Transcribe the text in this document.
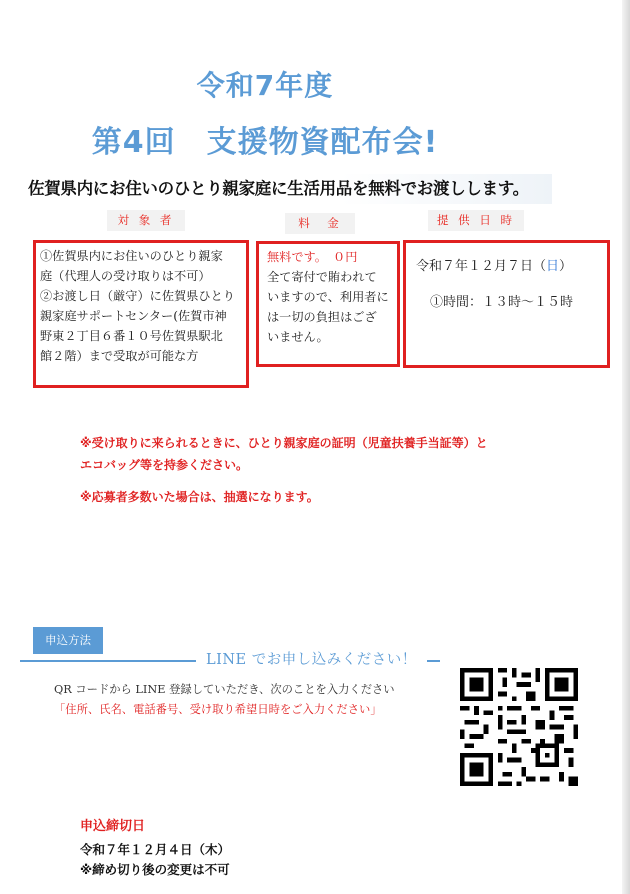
令和7年度
第4回　支援物資配布会!
佐賀県内にお住いのひとり親家庭に生活用品を無料でお渡しします。
対 象 者	料　金	提 供 日 時
①佐賀県内にお住いのひとり親家
庭（代理人の受け取りは不可）
②お渡し日（厳守）に佐賀県ひとり
親家庭サポートセンター(佐賀市神
野東２丁目６番１０号佐賀県駅北
館２階）まで受取が可能な方
無料です。　０円
全て寄付で賄われて
いますので、利用者に
は一切の負担はござ
いません。
令和７年１２月７日（日）
①時間：１３時～１５時
※受け取りに来られるときに、ひとり親家庭の証明（児童扶養手当証等）と
エコバッグ等を持参ください。
※応募者多数いた場合は、抽選になります。
申込方法
LINE でお申し込みください！
QR コードから LINE 登録していただき、次のことを入力ください
「住所、氏名、電話番号、受け取り希望日時をご入力ください」
申込締切日
令和７年１２月４日（木）
※締め切り後の変更は不可
